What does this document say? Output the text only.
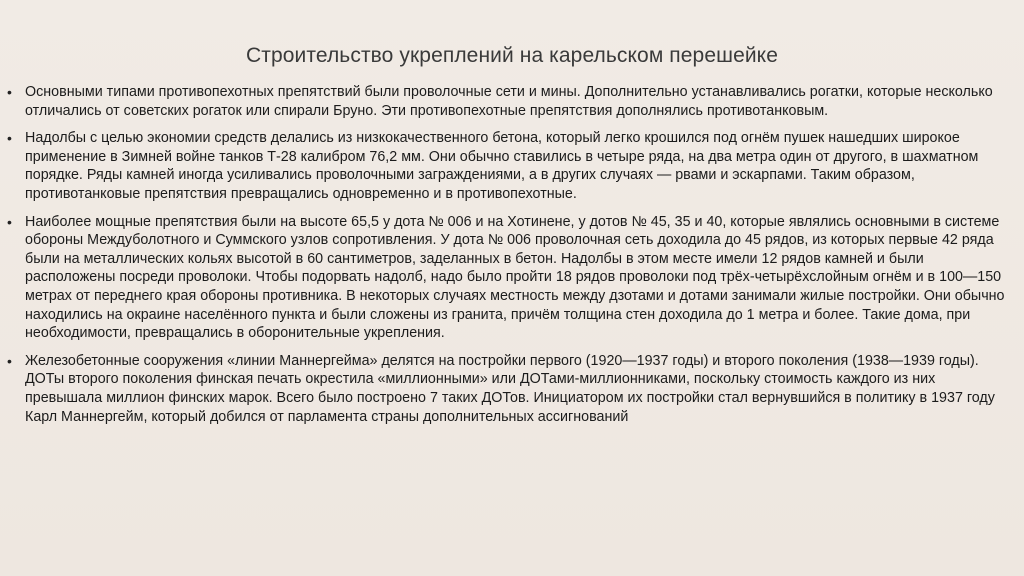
Строительство укреплений на карельском перешейке
• Основными типами противопехотных препятствий были проволочные сети и мины. Дополнительно устанавливались рогатки, которые несколько отличались от советских рогаток или спирали Бруно. Эти противопехотные препятствия дополнялись противотанковым.
• Надолбы с целью экономии средств делались из низкокачественного бетона, который легко крошился под огнём пушек нашедших широкое применение в Зимней войне танков Т-28 калибром 76,2 мм. Они обычно ставились в четыре ряда, на два метра один от другого, в шахматном порядке. Ряды камней иногда усиливались проволочными заграждениями, а в других случаях — рвами и эскарпами. Таким образом, противотанковые препятствия превращались одновременно и в противопехотные.
• Наиболее мощные препятствия были на высоте 65,5 у дота № 006 и на Хотинене, у дотов № 45, 35 и 40, которые являлись основными в системе обороны Междуболотного и Суммского узлов сопротивления. У дота № 006 проволочная сеть доходила до 45 рядов, из которых первые 42 ряда были на металлических кольях высотой в 60 сантиметров, заделанных в бетон. Надолбы в этом месте имели 12 рядов камней и были расположены посреди проволоки. Чтобы подорвать надолб, надо было пройти 18 рядов проволоки под трёх-четырёхслойным огнём и в 100—150 метрах от переднего края обороны противника. В некоторых случаях местность между дзотами и дотами занимали жилые постройки. Они обычно находились на окраине населённого пункта и были сложены из гранита, причём толщина стен доходила до 1 метра и более. Такие дома, при необходимости, превращались в оборонительные укрепления.
• Железобетонные сооружения «линии Маннергейма» делятся на постройки первого (1920—1937 годы) и второго поколения (1938—1939 годы). ДОТы второго поколения финская печать окрестила «миллионными» или ДОТами-миллионниками, поскольку стоимость каждого из них превышала миллион финских марок. Всего было построено 7 таких ДОТов. Инициатором их постройки стал вернувшийся в политику в 1937 году Карл Маннергейм, который добился от парламента страны дополнительных ассигнований
